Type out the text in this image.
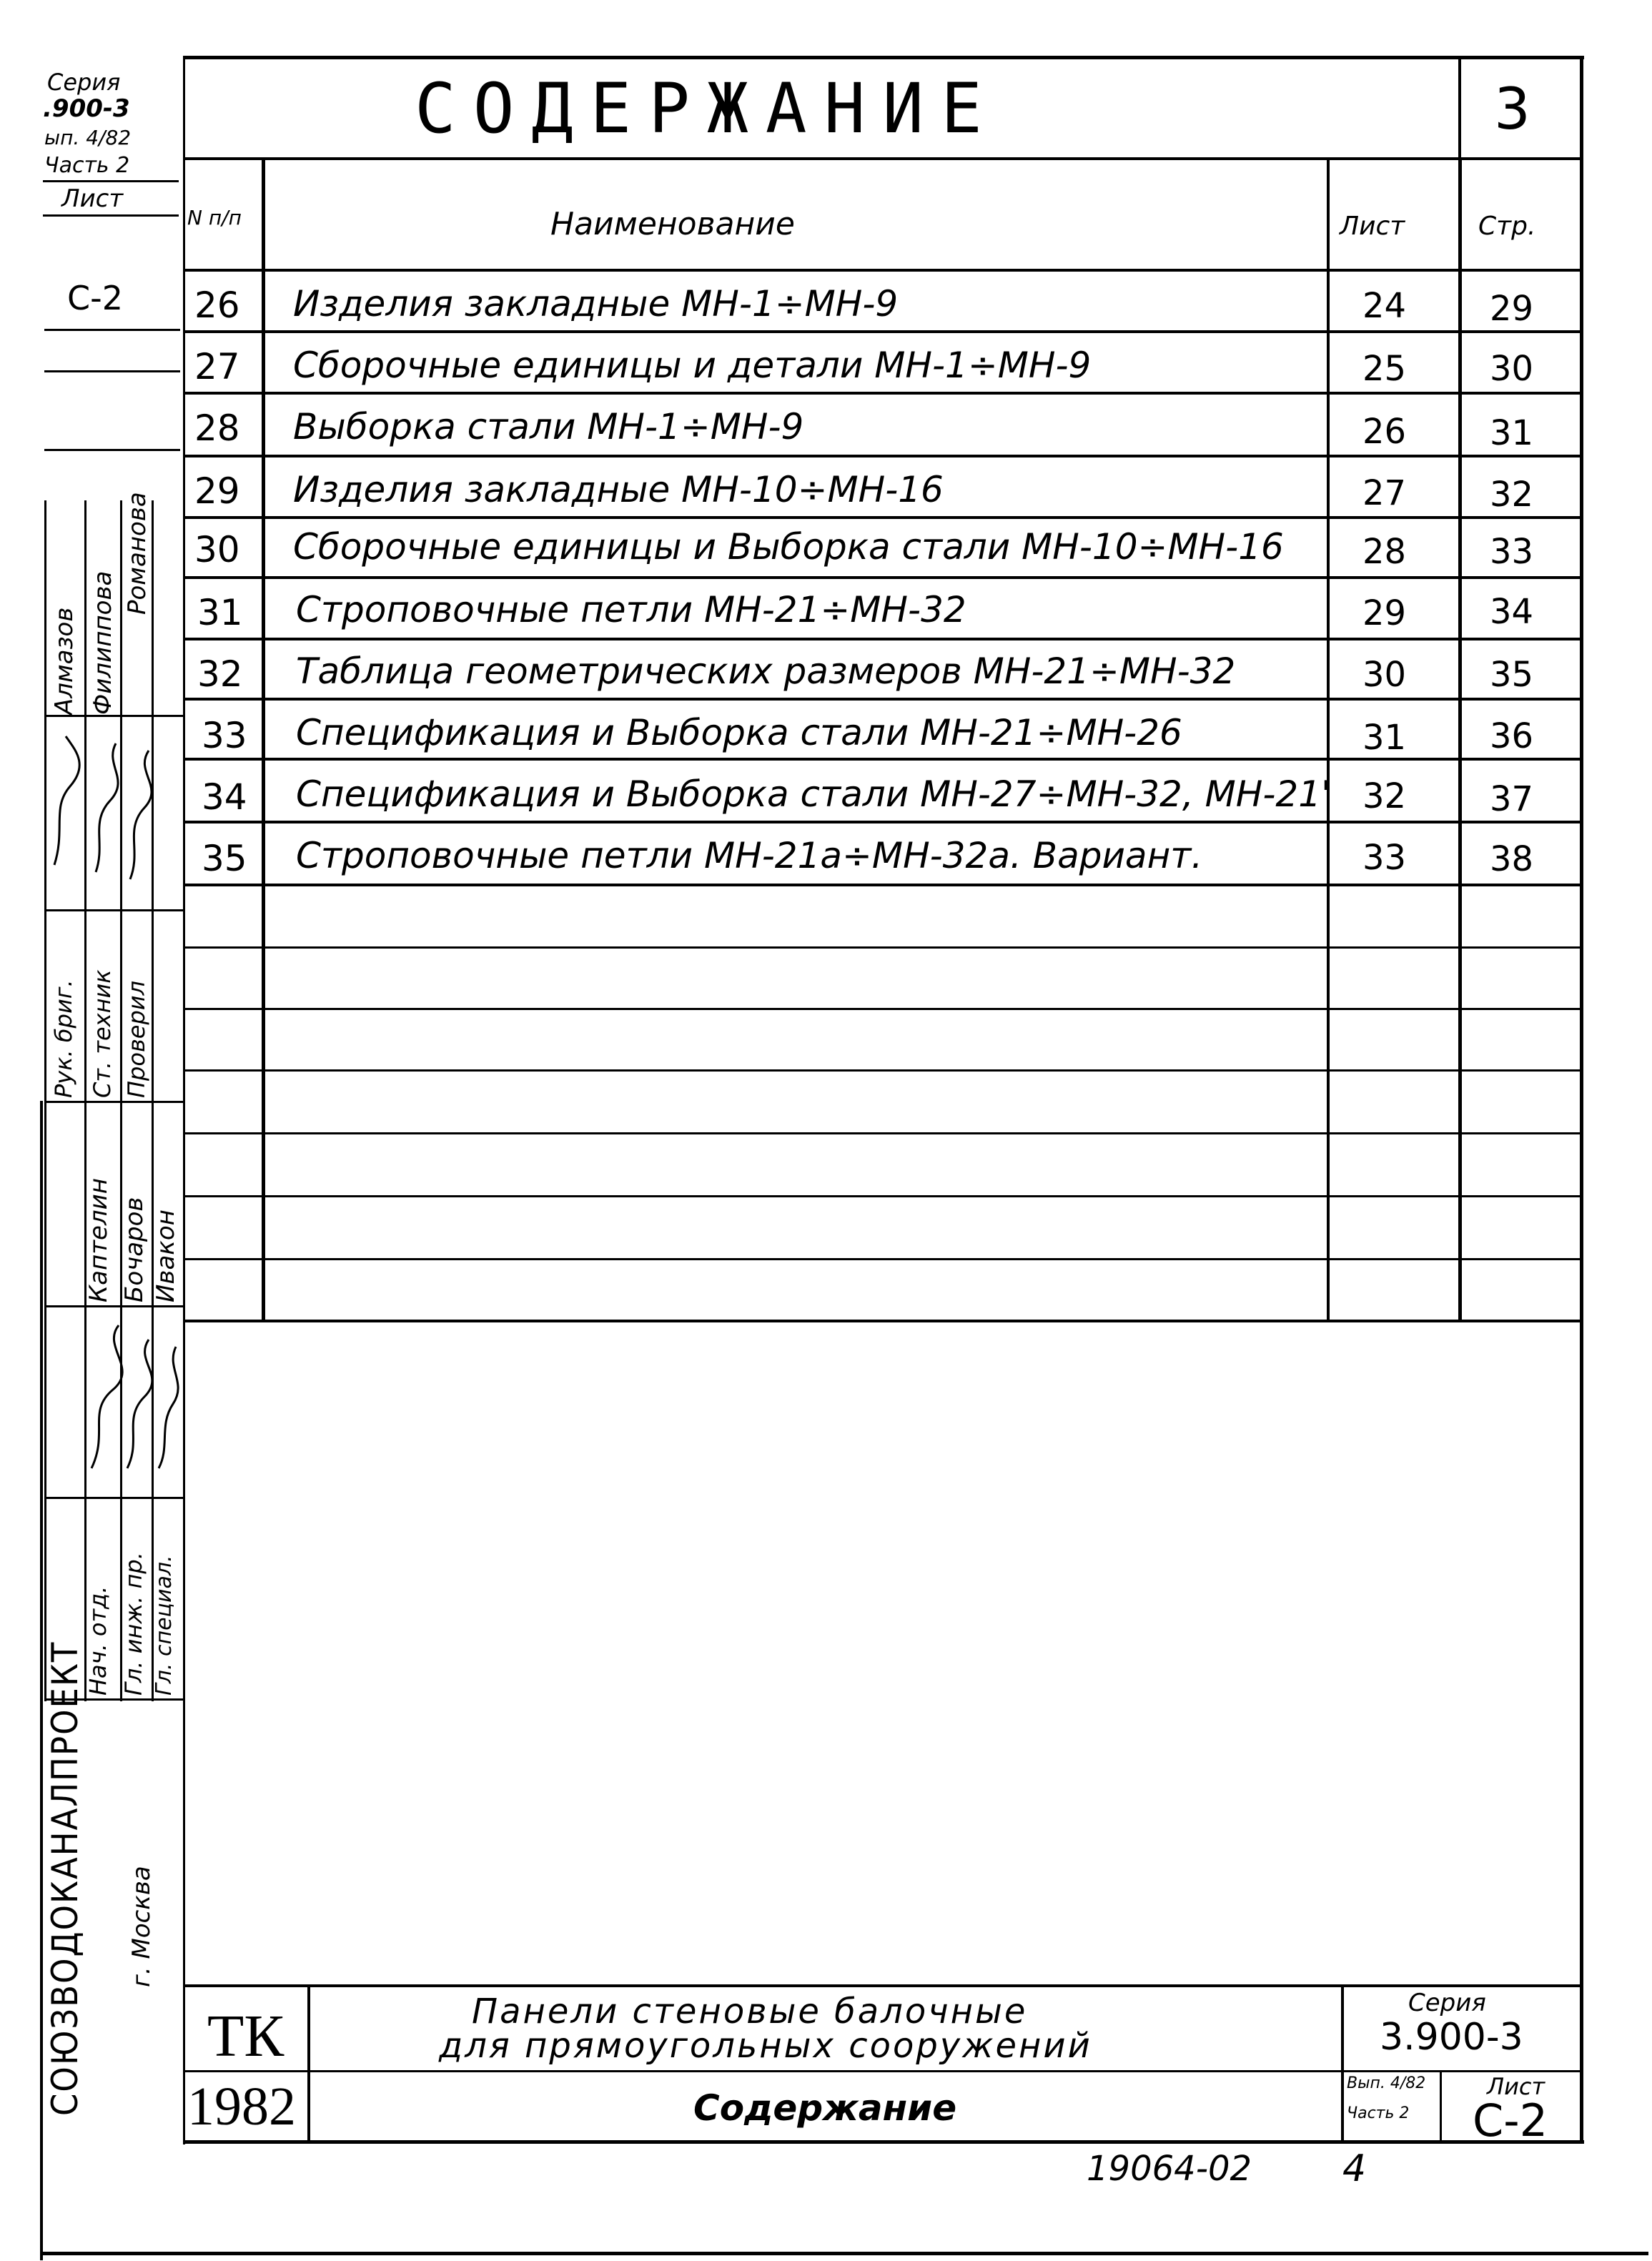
Серия
.900-3
ып. 4/82
Часть 2
Лист
С-2
Алмазов Филиппова
Романова
Рук. бриг. Ст. техник Проверил
Каптелин Бочаров Ивакон
Нач. отд. Гл. инж. пр. Гл. специал.
СОЮЗВОДОКАНАЛПРОЕКТ г. Москва
СОДЕРЖАНИЕ	3
N п/п	Наименование	Лист	Стр.
26 Изделия закладные МН-1÷МН-9	24 29
27 Сборочные единицы и детали МН-1÷МН-9	25 30
28 Выборка стали МН-1÷МН-9	26 31
29 Изделия закладные МН-10÷МН-16	27 32
30 Сборочные единицы и Выборка стали МН-10÷МН-16 28 33
31 Строповочные петли МН-21÷МН-32	29 34
32 Таблица геометрических размеров МН-21÷МН-32	30 35
33 Спецификация и Выборка стали МН-21÷МН-26	31 36
34 Спецификация и Выборка стали МН-27÷МН-32, МН-21' 32 37
35 Строповочные петли МН-21а÷МН-32а. Вариант.	33 38
ТК
1982
Панели стеновые балочные
для прямоугольных сооружений
Содержание
Серия
3.900-3
Вып. 4/82
Часть 2
Лист
С-2
19064-02 4
